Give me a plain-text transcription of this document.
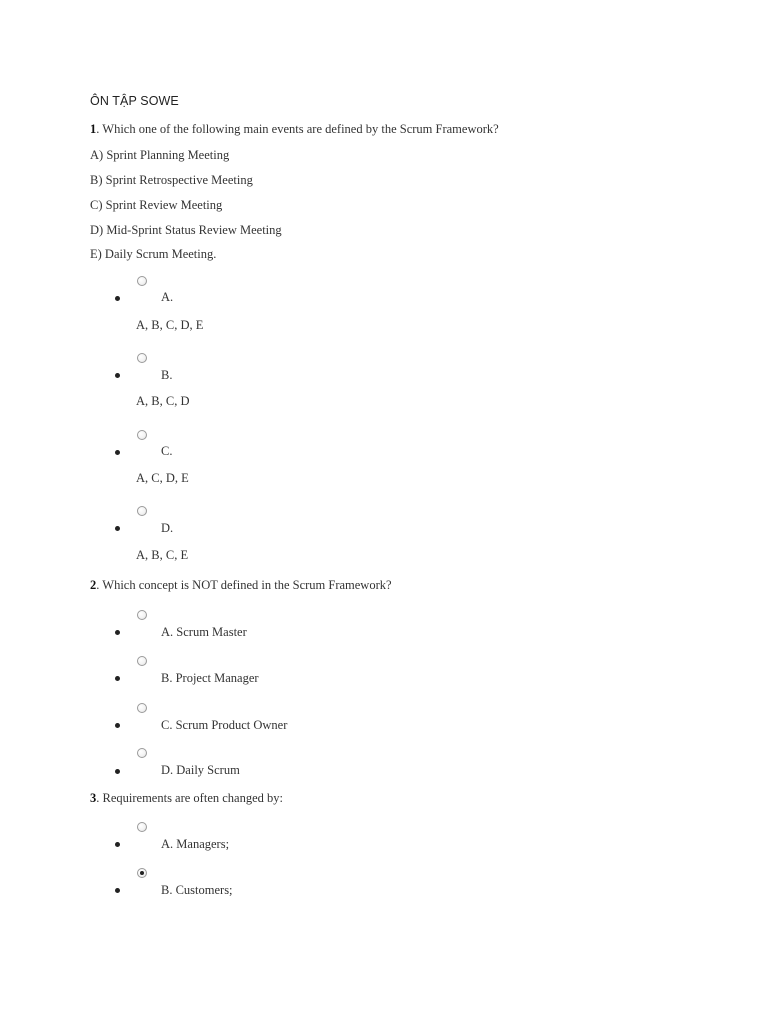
ÔN TẬP SOWE
1. Which one of the following main events are defined by the Scrum Framework?
A) Sprint Planning Meeting
B) Sprint Retrospective Meeting
C) Sprint Review Meeting
D) Mid-Sprint Status Review Meeting
E) Daily Scrum Meeting.
A.
A, B, C, D, E
B.
A, B, C, D
C.
A, C, D, E
D.
A, B, C, E
2. Which concept is NOT defined in the Scrum Framework?
A. Scrum Master
B. Project Manager
C. Scrum Product Owner
D. Daily Scrum
3. Requirements are often changed by:
A. Managers;
B. Customers;
